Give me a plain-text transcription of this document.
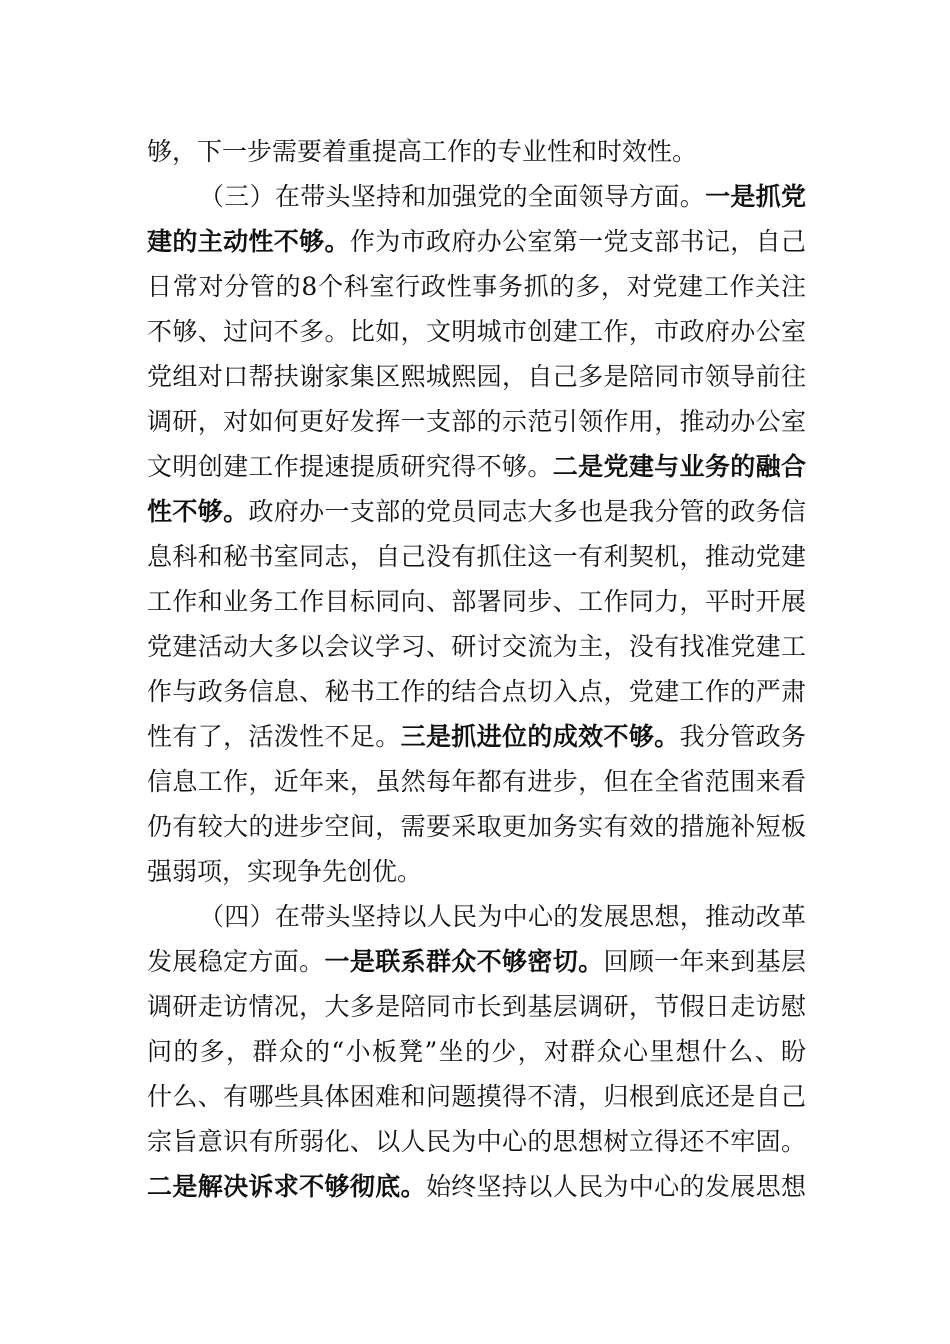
够，下一步需要着重提高工作的专业性和时效性。
（三）在带头坚持和加强党的全面领导方面。一是抓党
建的主动性不够。作为市政府办公室第一党支部书记，自己
日常对分管的8个科室行政性事务抓的多，对党建工作关注
不够、过问不多。比如，文明城市创建工作，市政府办公室
党组对口帮扶谢家集区熙城熙园，自己多是陪同市领导前往
调研，对如何更好发挥一支部的示范引领作用，推动办公室
文明创建工作提速提质研究得不够。二是党建与业务的融合
性不够。政府办一支部的党员同志大多也是我分管的政务信
息科和秘书室同志，自己没有抓住这一有利契机，推动党建
工作和业务工作目标同向、部署同步、工作同力，平时开展
党建活动大多以会议学习、研讨交流为主，没有找准党建工
作与政务信息、秘书工作的结合点切入点，党建工作的严肃
性有了，活泼性不足。三是抓进位的成效不够。我分管政务
信息工作，近年来，虽然每年都有进步，但在全省范围来看
仍有较大的进步空间，需要采取更加务实有效的措施补短板
强弱项，实现争先创优。
（四）在带头坚持以人民为中心的发展思想，推动改革
发展稳定方面。一是联系群众不够密切。回顾一年来到基层
调研走访情况，大多是陪同市长到基层调研，节假日走访慰
问的多，群众的“小板凳”坐的少，对群众心里想什么、盼
什么、有哪些具体困难和问题摸得不清，归根到底还是自己
宗旨意识有所弱化、以人民为中心的思想树立得还不牢固。
二是解决诉求不够彻底。始终坚持以人民为中心的发展思想
